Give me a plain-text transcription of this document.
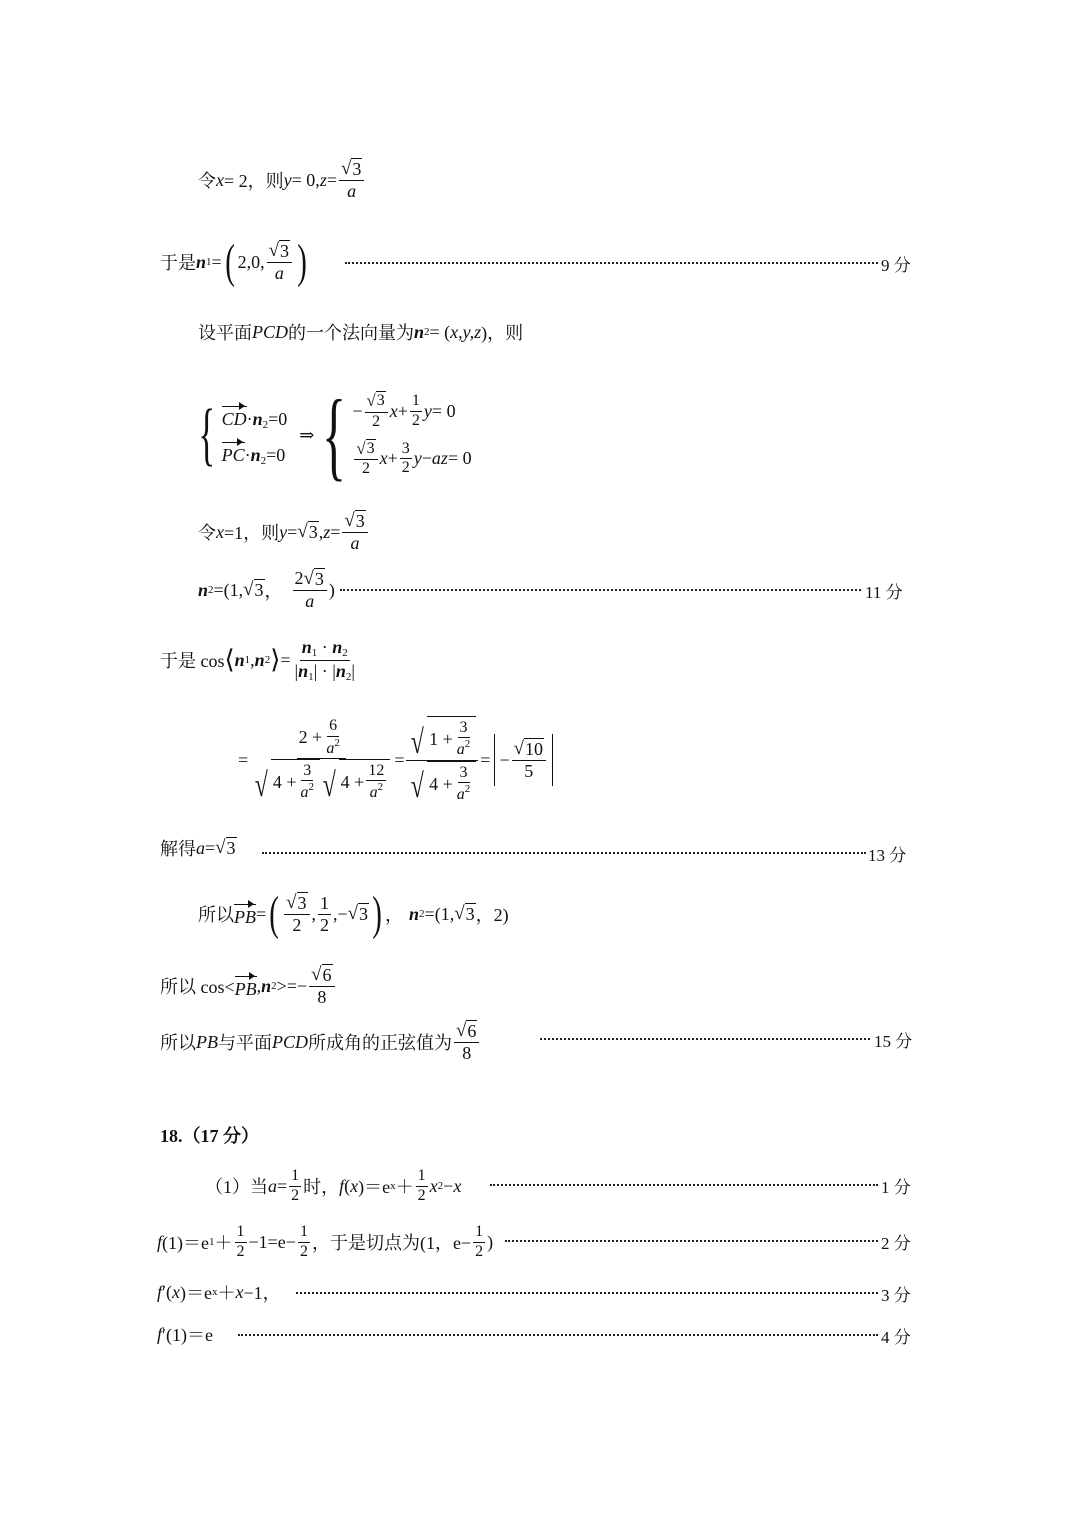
令 x = 2，则 y = 0, $z = \frac{√ 3}{a}$
于是 n 1 = ( 2,0, $\frac{√ 3}{a}$ )	9 分
设平面 PCD 的一个法向量为 n 2 = ( x,y,z )，则
{ $CD\cdot n_2=0$
$PC\cdot n_2=0$
⇒ { − $\frac{√ 3}{2}$ $x + \frac{1}{2}$ y = 0
$\frac{√ 3}{2}$ $x + \frac{3}{2}$ y − az = 0
令 x =1，则 y = √ 3 , $z = \frac{√ 3}{a}$
n 2 =(1, √ 3 ， $\frac{2 √ 3}{a}$ )	11 分
于是 cos ⟨ n 1 , n 2 ⟩ = $\frac{n_1 \cdot n_2}{|n_1| \cdot |n_2|}$
= $\frac{2 + \frac{6}{a^2}}{√ 4 + \frac{3}{a^2} √ 4 + \frac{12}{a^2}} = \frac{√ 1 + \frac{3}{a^2}}{√ 4 + \frac{3}{a^2}}$ = − $\frac{√ 10}{5}$
解得 a = √ 3	13 分
所以 PB = ( $\frac{√ 3}{2}$ , $\frac{1}{2}$ , − √ 3 ) ， n 2 =(1, √ 3 ，2)
所以 cos< PB , n 2 >=− $\frac{√ 6}{8}$
所以 PB 与平面 PCD 所成角的正弦值为 $\frac{√ 6}{8}$	15 分
18.（17 分）
（1）当 $a = \frac{1}{2}$ 时， f ( x )＝e $x + \frac{1}{2}$ x 2 − x	1 分
f (1)＝e $1 + \frac{1}{2} -1=e- \frac{1}{2}$ ，于是切点为(1，$e- \frac{1}{2}$ )	2 分
f ′( x )＝e x ＋ x −1，	3 分
f ′(1)＝e	4 分
